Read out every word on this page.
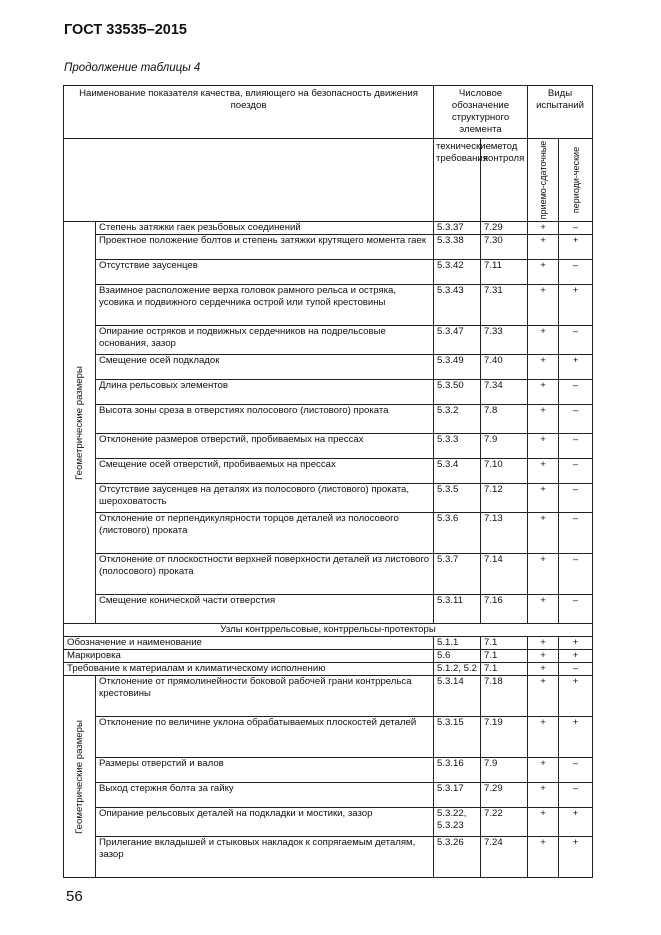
ГОСТ 33535–2015
Продолжение таблицы 4
Наименование показателя качества, влияющего на безопасность движения поездов		Числовое обозначение структурного элемента		Виды испытаний	
		технические требования	метод контроля	приемо-сдаточные	периоди-ческие

Геометрические размеры	Степень затяжки гаек резьбовых соединений	5.3.37	7.29	+	–
	Проектное положение болтов и степень затяжки крутящего момента гаек	5.3.38	7.30	+	+
	Отсутствие заусенцев	5.3.42	7.11	+	–
	Взаимное расположение верха головок рамного рельса и остряка, усовика и подвижного сердечника острой или тупой крестовины	5.3.43	7.31	+	+
	Опирание остряков и подвижных сердечников на подрельсовые основания, зазор	5.3.47	7.33	+	–
	Смещение осей подкладок	5.3.49	7.40	+	+
	Длина рельсовых элементов	5.3.50	7.34	+	–
	Высота зоны среза в отверстиях полосового (листового) проката	5.3.2	7.8	+	–
	Отклонение размеров отверстий, пробиваемых на прессах	5.3.3	7.9	+	–
	Смещение осей отверстий, пробиваемых на прессах	5.3.4	7.10	+	–
	Отсутствие заусенцев на деталях из полосового (листового) проката, шероховатость	5.3.5	7.12	+	–
	Отклонение от перпендикулярности торцов деталей из полосового (листового) проката	5.3.6	7.13	+	–
	Отклонение от плоскостности верхней поверхности деталей из листового (полосового) проката	5.3.7	7.14	+	–
	Смещение конической части отверстия	5.3.11	7.16	+	–
Узлы контррельсовые, контррельсы-протекторы					
Обозначение и наименование		5.1.1	7.1	+	+
Маркировка		5.6	7.1	+	+
Требование к материалам и климатическому исполнению		5.1.2, 5.2	7.1	+	–

Геометрические размеры	Отклонение от прямолинейности боковой рабочей грани контррельса крестовины	5.3.14	7.18	+	+
	Отклонение по величине уклона обрабатываемых плоскостей деталей	5.3.15	7.19	+	+
	Размеры отверстий и валов	5.3.16	7.9	+	–
	Выход стержня болта за гайку	5.3.17	7.29	+	–
	Опирание рельсовых деталей на подкладки и мостики, зазор	5.3.22, 5.3.23	7.22	+	+
	Прилегание вкладышей и стыковых накладок к сопрягаемым деталям, зазор	5.3.26	7.24	+	+
56
